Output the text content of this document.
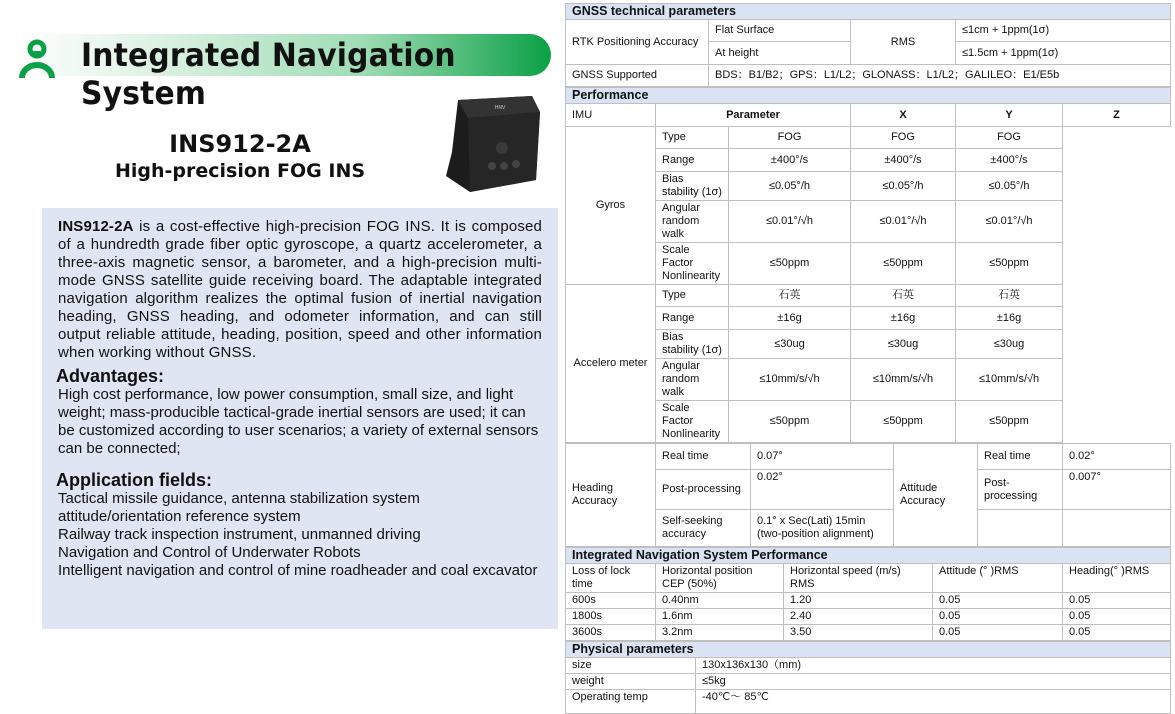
Integrated Navigation System
INS912-2A
High-precision FOG INS
HNV

INS912-2A is a cost-effective high-precision FOG INS. It is composed of a hundredth grade fiber optic gyroscope, a quartz accelerometer, a three-axis magnetic sensor, a barometer, and a high-precision multi-mode GNSS satellite guide receiving board. The adaptable integrated navigation algorithm realizes the optimal fusion of inertial navigation heading, GNSS heading, and odometer information, and can still output reliable attitude, heading, position, speed and other information when working without GNSS.

Advantages:

High cost performance, low power consumption, small size, and light weight; mass-producible tactical-grade inertial sensors are used; it can be customized according to user scenarios; a variety of external sensors can be connected;

Application fields:

Tactical missile guidance, antenna stabilization system attitude/orientation reference system

Railway track inspection instrument, unmanned driving

Navigation and Control of Underwater Robots

Intelligent navigation and control of mine roadheader and coal excavator

GNSS technical parameters			
RTK Positioning Accuracy	Flat Surface	RMS	≤1cm + 1ppm(1σ)
	At height		≤1.5cm + 1ppm(1σ)
GNSS Supported	BDS：B1/B2；GPS：L1/L2；GLONASS：L1/L2；GALILEO：E1/E5b		
Performance					
IMU	Parameter		X	Y	Z
Gyros	Type	FOG	FOG	FOG	
	Range	±400°/s	±400°/s	±400°/s	
	Bias stability (1σ)	≤0.05°/h	≤0.05°/h	≤0.05°/h	
	Angular random walk	≤0.01°/√h	≤0.01°/√h	≤0.01°/√h	
	Scale Factor Nonlinearity	≤50ppm	≤50ppm	≤50ppm	
Accelero meter	Type	石英	石英	石英	
	Range	±16g	±16g	±16g	
	Bias stability (1σ)	≤30ug	≤30ug	≤30ug	
	Angular random walk	≤10mm/s/√h	≤10mm/s/√h	≤10mm/s/√h	
	Scale Factor Nonlinearity	≤50ppm	≤50ppm	≤50ppm	
Heading Accuracy	Real time	0.07°	Attitude Accuracy	Real time	0.02°
	Post-processing	0.02°		Post-processing	0.007°
	Self-seeking accuracy	0.1° x Sec(Lati) 15min (two-position alignment)			
Integrated Navigation System Performance				
Loss of lock time	Horizontal position CEP (50%)	Horizontal speed (m/s) RMS	Attitude (° )RMS	Heading(° )RMS
600s	0.40nm	1.20	0.05	0.05
1800s	1.6nm	2.40	0.05	0.05
3600s	3.2nm	3.50	0.05	0.05
Physical parameters	
size	130x136x130（mm)
weight	≤5kg
Operating temp	-40℃～ 85℃
